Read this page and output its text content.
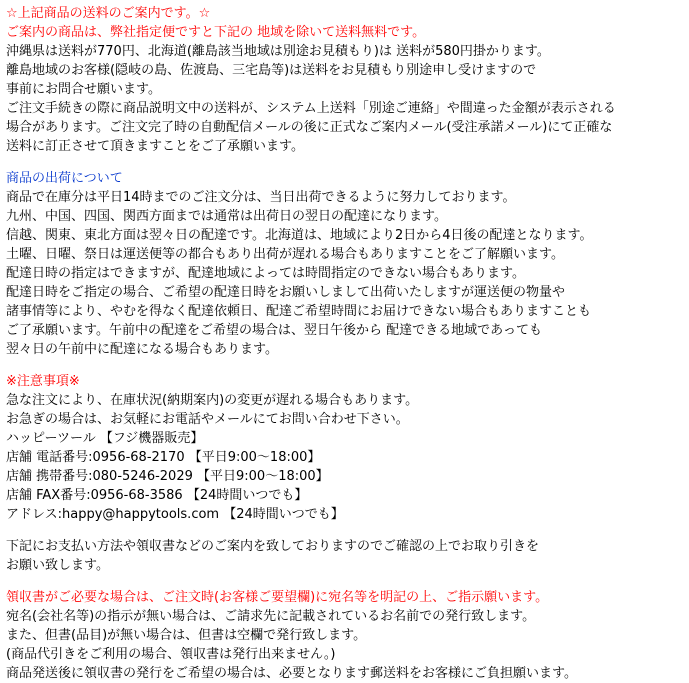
☆上記商品の送料のご案内です。☆
ご案内の商品は、弊社指定便ですと下記の 地域を除いて送料無料です。
沖縄県は送料が770円、北海道(離島該当地域は別途お見積もり)は 送料が580円掛かります。
離島地域のお客様(隠岐の島、佐渡島、三宅島等)は送料をお見積もり別途申し受けますので
事前にお問合せ願います。
ご注文手続きの際に商品説明文中の送料が、システム上送料「別途ご連絡」や間違った金額が表示される
場合があります。ご注文完了時の自動配信メールの後に正式なご案内メール(受注承諾メール)にて正確な
送料に訂正させて頂きますことをご了承願います。
商品の出荷について
商品で在庫分は平日14時までのご注文分は、当日出荷できるように努力しております。
九州、中国、四国、関西方面までは通常は出荷日の翌日の配達になります。
信越、関東、東北方面は翌々日の配達です。北海道は、地域により2日から4日後の配達となります。
土曜、日曜、祭日は運送便等の都合もあり出荷が遅れる場合もありますことをご了解願います。
配達日時の指定はできますが、配達地域によっては時間指定のできない場合もあります。
配達日時をご指定の場合、ご希望の配達日時をお願いしまして出荷いたしますが運送便の物量や
諸事情等により、やむを得なく配達依頼日、配達ご希望時間にお届けできない場合もありますことも
ご了承願います。午前中の配達をご希望の場合は、翌日午後から 配達できる地域であっても
翌々日の午前中に配達になる場合もあります。
※注意事項※
急な注文により、在庫状況(納期案内)の変更が遅れる場合もあります。
お急ぎの場合は、お気軽にお電話やメールにてお問い合わせ下さい。
ハッピーツール 【フジ機器販売】
店舗 電話番号:0956-68-2170 【平日9:00～18:00】
店舗 携帯番号:080-5246-2029 【平日9:00～18:00】
店舗 FAX番号:0956-68-3586 【24時間いつでも】
アドレス:happy@happytools.com 【24時間いつでも】
下記にお支払い方法や領収書などのご案内を致しておりますのでご確認の上でお取り引きを
お願い致します。
領収書がご必要な場合は、ご注文時(お客様ご要望欄)に宛名等を明記の上、ご指示願います。
宛名(会社名等)の指示が無い場合は、ご請求先に記載されているお名前での発行致します。
また、但書(品目)が無い場合は、但書は空欄で発行致します。
(商品代引きをご利用の場合、領収書は発行出来ません。)
商品発送後に領収書の発行をご希望の場合は、必要となります郵送料をお客様にご負担願います。
